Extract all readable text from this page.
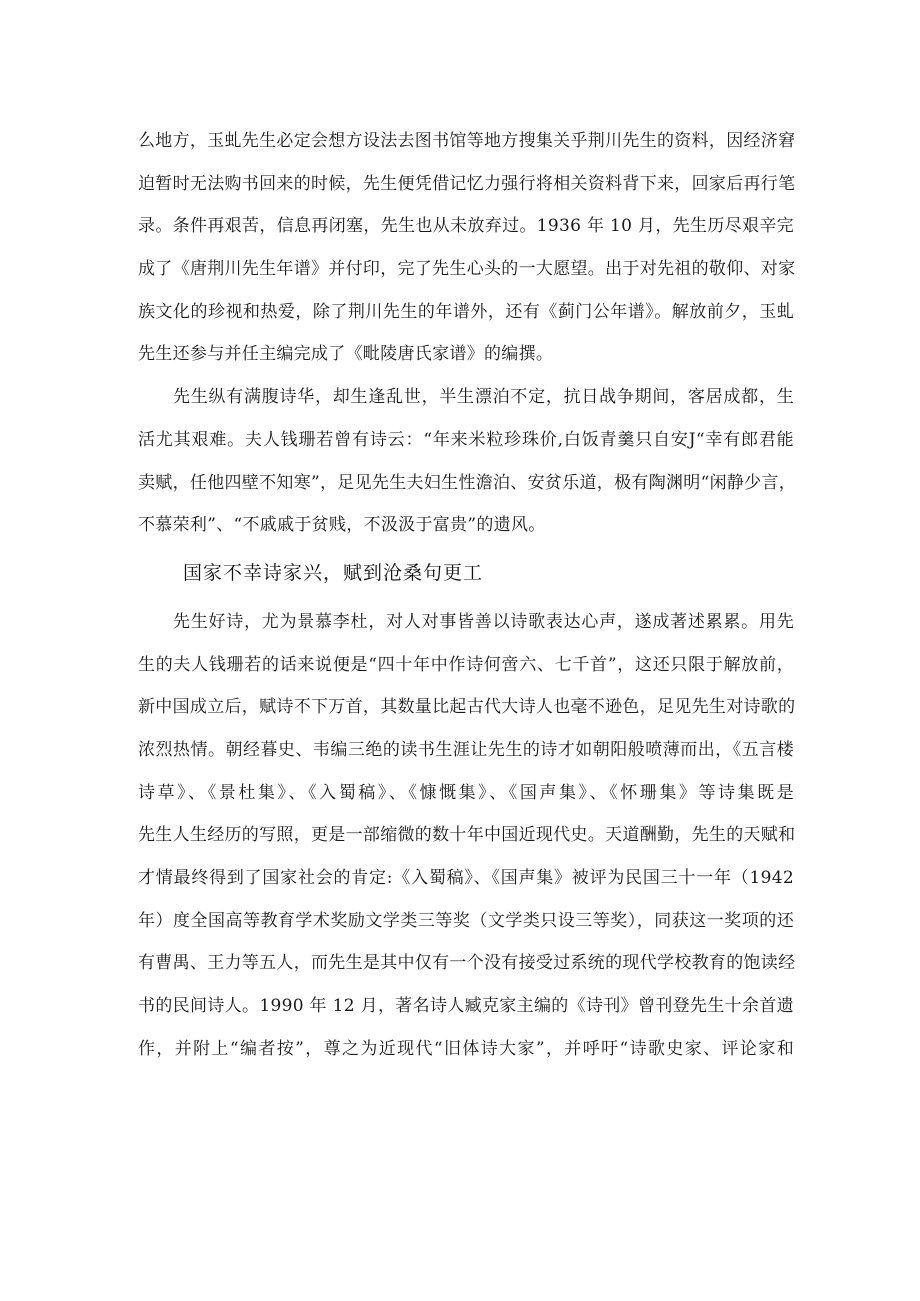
么地方，玉虬先生必定会想方设法去图书馆等地方搜集关乎荆川先生的资料，因经济窘
迫暂时无法购书回来的时候，先生便凭借记忆力强行将相关资料背下来，回家后再行笔
录。条件再艰苦，信息再闭塞，先生也从未放弃过。1936 年 10 月，先生历尽艰辛完
成了《唐荆川先生年谱》并付印，完了先生心头的一大愿望。出于对先祖的敬仰、对家
族文化的珍视和热爱，除了荆川先生的年谱外，还有《蓟门公年谱》。解放前夕，玉虬
先生还参与并任主编完成了《毗陵唐氏家谱》的编撰。
先生纵有满腹诗华，却生逢乱世，半生漂泊不定，抗日战争期间，客居成都，生
活尤其艰难。夫人钱珊若曾有诗云：“年来米粒珍珠价,白饭青羹只自安J“幸有郎君能
卖赋，任他四壁不知寒”，足见先生夫妇生性澹泊、安贫乐道，极有陶渊明“闲静少言，
不慕荣利”、“不戚戚于贫贱，不汲汲于富贵”的遗风。
国家不幸诗家兴，赋到沧桑句更工
先生好诗，尤为景慕李杜，对人对事皆善以诗歌表达心声，遂成著述累累。用先
生的夫人钱珊若的话来说便是“四十年中作诗何啻六、七千首”，这还只限于解放前，
新中国成立后，赋诗不下万首，其数量比起古代大诗人也毫不逊色，足见先生对诗歌的
浓烈热情。朝经暮史、韦编三绝的读书生涯让先生的诗才如朝阳般喷薄而出，《五言楼
诗草》、《景杜集》、《入蜀稿》、《慷慨集》、《国声集》、《怀珊集》等诗集既是
先生人生经历的写照，更是一部缩微的数十年中国近现代史。天道酬勤，先生的天赋和
才情最终得到了国家社会的肯定:《入蜀稿》、《国声集》被评为民国三十一年（1942
年）度全国高等教育学术奖励文学类三等奖（文学类只设三等奖），同获这一奖项的还
有曹禺、王力等五人，而先生是其中仅有一个没有接受过系统的现代学校教育的饱读经
书的民间诗人。1990 年 12 月，著名诗人臧克家主编的《诗刊》曾刊登先生十余首遗
作，并附上“编者按”，尊之为近现代“旧体诗大家”，并呼吁“诗歌史家、评论家和
